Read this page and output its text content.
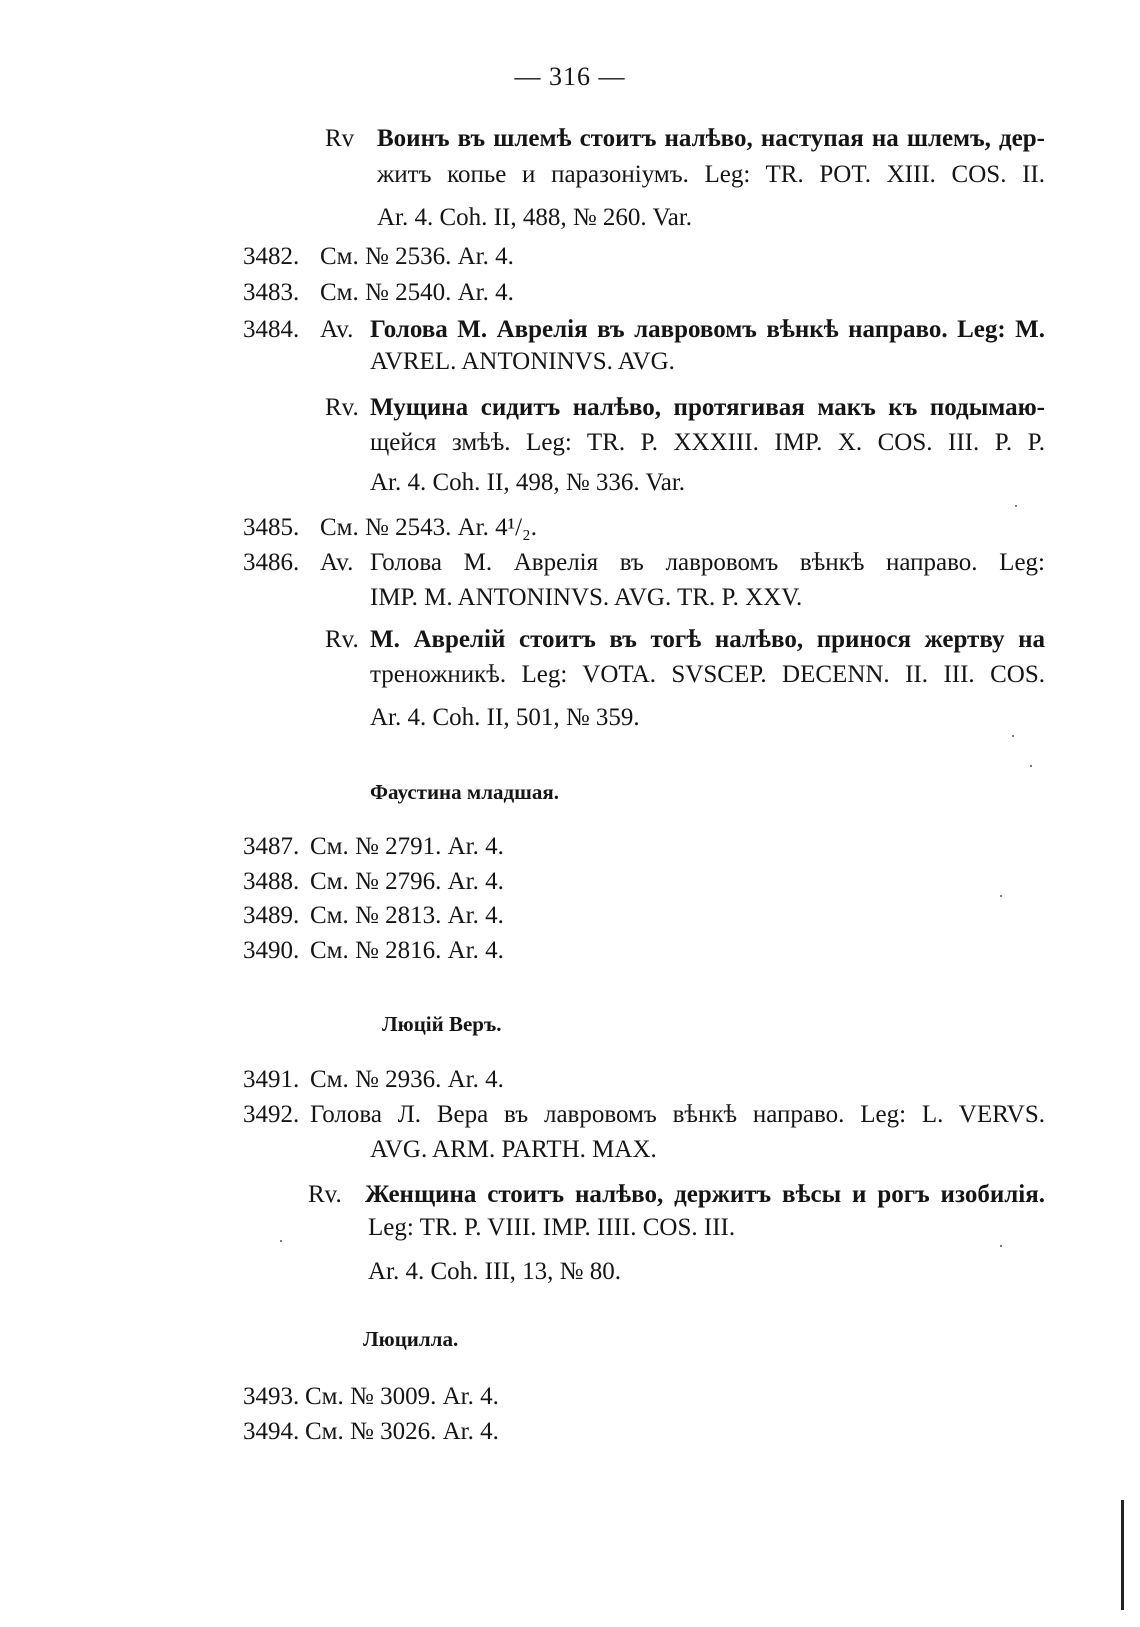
— 316 —
Rv Воинъ въ шлемѣ стоитъ налѣво, наступая на шлемъ, дер-
житъ копье и паразоніумъ. Leg: TR. POT. XIII. COS. II.
Ar. 4. Coh. II, 488, № 260. Var.
3482. См. № 2536. Ar. 4.
3483. См. № 2540. Ar. 4.
3484. Av. Голова М. Аврелія въ лавровомъ вѣнкѣ направо. Leg: M.
AVREL. ANTONINVS. AVG.
Rv. Мущина сидитъ налѣво, протягивая макъ къ подымаю-
щейся змѣѣ. Leg: TR. P. XXXIII. IMP. X. COS. III. P. P.
Ar. 4. Coh. II, 498, № 336. Var.
3485. См. № 2543. Ar. 4¹/₂.
3486. Av. Голова М. Аврелія въ лавровомъ вѣнкѣ направо. Leg:
IMP. M. ANTONINVS. AVG. TR. P. XXV.
Rv. М. Аврелій стоитъ въ тогѣ налѣво, принося жертву на
треножникѣ. Leg: VOTA. SVSCEP. DECENN. II. III. COS.
Ar. 4. Coh. II, 501, № 359.
Фаустина младшая.
3487. См. № 2791. Ar. 4.
3488. См. № 2796. Ar. 4.
3489. См. № 2813. Ar. 4.
3490. См. № 2816. Ar. 4.
Люцій Веръ.
3491. См. № 2936. Ar. 4.
3492. Голова Л. Вера въ лавровомъ вѣнкѣ направо. Leg: L. VERVS.
AVG. ARM. PARTH. MAX.
Rv. Женщина стоитъ налѣво, держитъ вѣсы и рогъ изобилія.
Leg: TR. P. VIII. IMP. IIII. COS. III.
Ar. 4. Coh. III, 13, № 80.
Люцилла.
3493. См. № 3009. Ar. 4.
3494. См. № 3026. Ar. 4.
